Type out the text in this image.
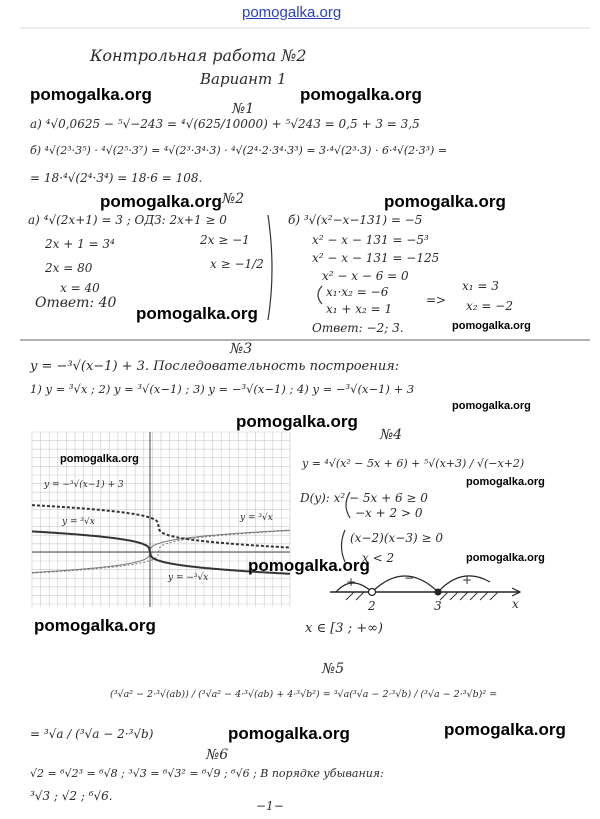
pomogalka.org
Контрольная работа №2
Вариант 1
№1
а) ⁴√0,0625 − ⁵√−243 = ⁴√(625/10000) + ⁵√243 = 0,5 + 3 = 3,5
б) ⁴√(2³·3⁵) · ⁴√(2⁵·3⁷) = ⁴√(2³·3⁴·3) · ⁴√(2⁴·2·3⁴·3³) = 3·⁴√(2³·3) · 6·⁴√(2·3³) =
= 18·⁴√(2⁴·3⁴) = 18·6 = 108.
№2
а) ⁴√(2x+1) = 3 ; ОДЗ: 2x+1 ≥ 0
2x + 1 = 3⁴	2x ≥ −1
2x = 80	x ≥ −1/2
x = 40
Ответ: 40
б) ³√(x²−x−131) = −5
x² − x − 131 = −5³
x² − x − 131 = −125
x² − x − 6 = 0
x₁·x₂ = −6
x₁ + x₂ = 1
=>
x₁ = 3
x₂ = −2
Ответ: −2; 3.
№3
y = −³√(x−1) + 3. Последовательность построения:
1) y = ³√x ; 2) y = ³√(x−1) ; 3) y = −³√(x−1) ; 4) y = −³√(x−1) + 3
y = −³√(x−1) + 3
y = ³√x	y = ³√x
y = −³√x
№4
y = ⁴√(x² − 5x + 6) + ⁵√(x+3) / √(−x+2)
D(y): x² − 5x + 6 ≥ 0
−x + 2 > 0
(x−2)(x−3) ≥ 0
x < 2
+	−	+
2	3	x
x ∈ [3 ; +∞)
№5
(³√a² − 2·³√(ab)) / (³√a² − 4·³√(ab) + 4·³√b²) = ³√a(³√a − 2·³√b) / (³√a − 2·³√b)² =
= ³√a / (³√a − 2·³√b)
№6
√2 = ⁶√2³ = ⁶√8 ; ³√3 = ⁶√3² = ⁶√9 ; ⁶√6 ; В порядке убывания:
³√3 ; √2 ; ⁶√6.
−1−
pomogalka.org	pomogalka.org
pomogalka.org	pomogalka.org
pomogalka.org
pomogalka.org
pomogalka.org
pomogalka.org
pomogalka.org
pomogalka.org
pomogalka.org
pomogalka.org
pomogalka.org
pomogalka.org	pomogalka.org
